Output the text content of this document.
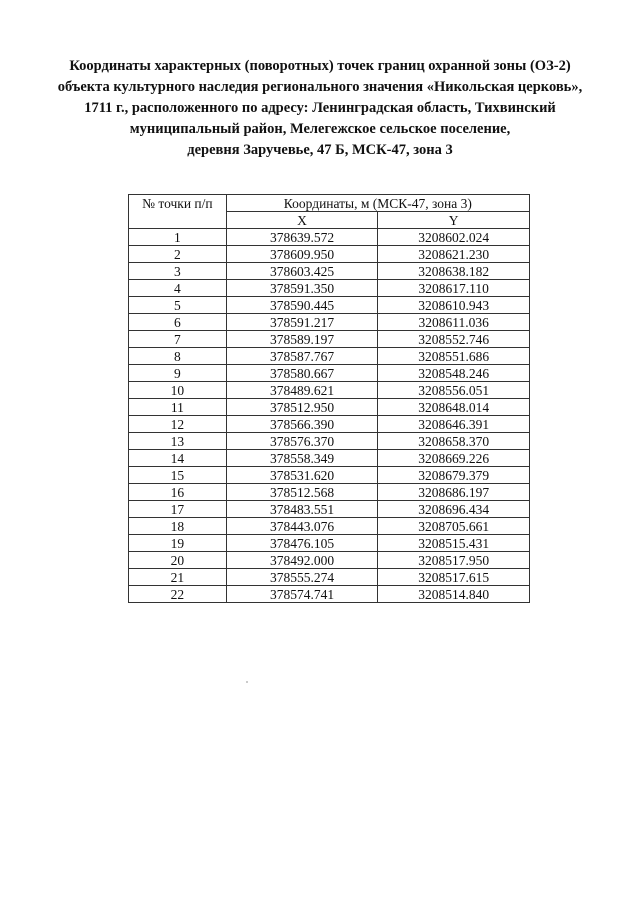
Координаты характерных (поворотных) точек границ охранной зоны (ОЗ-2)
объекта культурного наследия регионального значения «Никольская церковь»,
1711 г., расположенного по адресу: Ленинградская область, Тихвинский
муниципальный район, Мелегежское сельское поселение,
деревня Заручевье, 47 Б, МСК-47, зона 3
№ точки п/п	Координаты, м (МСК-47, зона 3)	
	X	Y
1	378639.572	3208602.024
2	378609.950	3208621.230
3	378603.425	3208638.182
4	378591.350	3208617.110
5	378590.445	3208610.943
6	378591.217	3208611.036
7	378589.197	3208552.746
8	378587.767	3208551.686
9	378580.667	3208548.246
10	378489.621	3208556.051
11	378512.950	3208648.014
12	378566.390	3208646.391
13	378576.370	3208658.370
14	378558.349	3208669.226
15	378531.620	3208679.379
16	378512.568	3208686.197
17	378483.551	3208696.434
18	378443.076	3208705.661
19	378476.105	3208515.431
20	378492.000	3208517.950
21	378555.274	3208517.615
22	378574.741	3208514.840
